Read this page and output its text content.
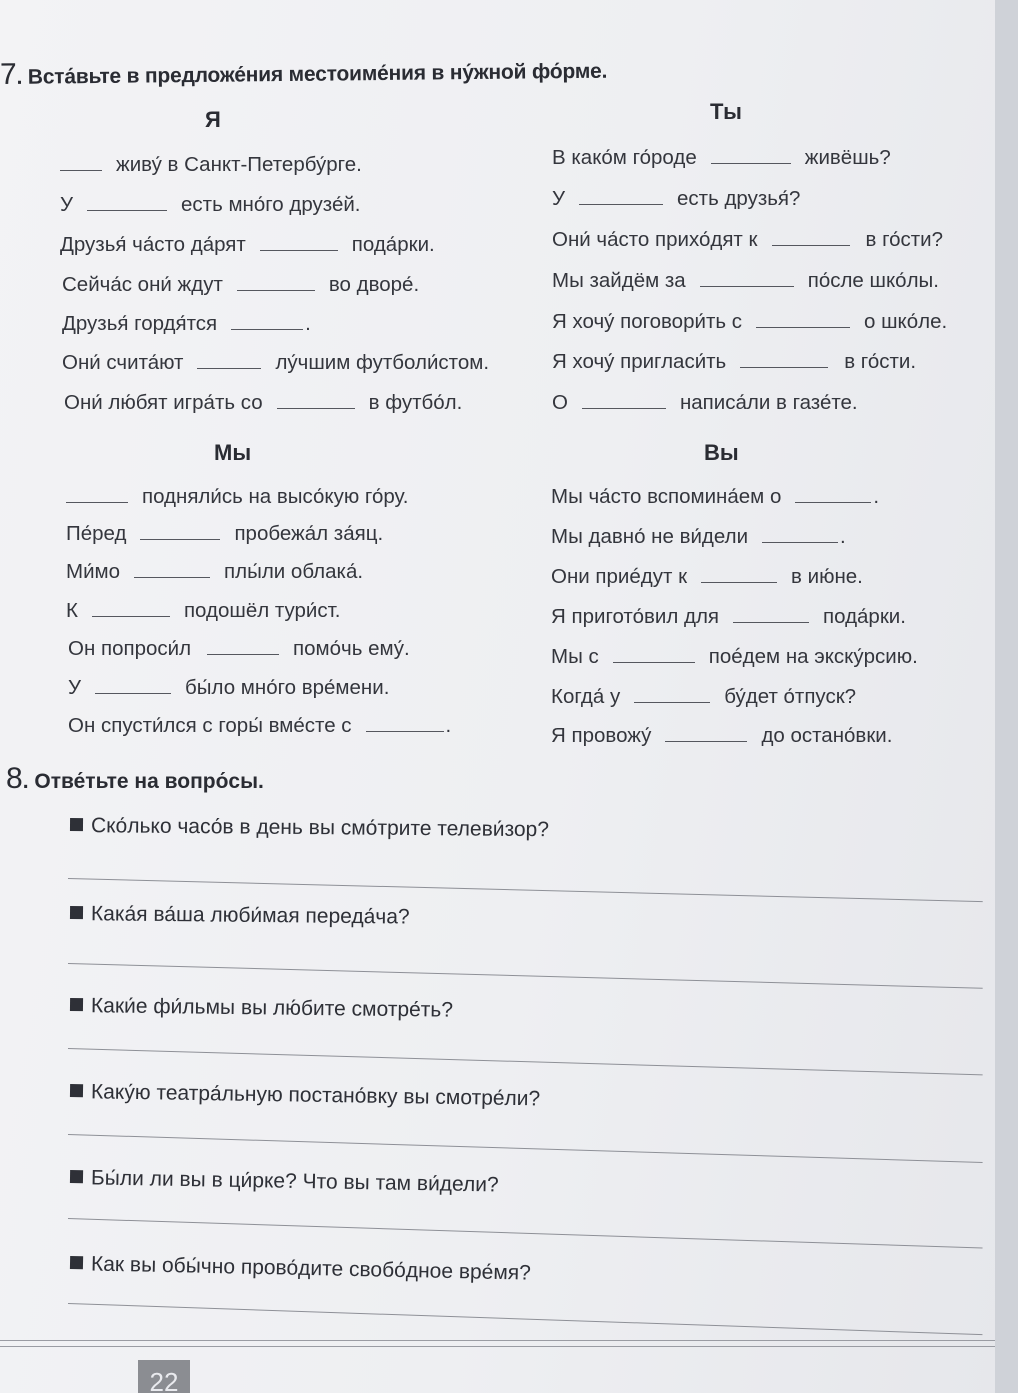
7. Вста́вьте в предложе́ния местоиме́ния в ну́жной фо́рме.
Я	Ты
Мы	Вы
живу́ в Санкт-Петербу́рге.
У	есть мно́го друзе́й.
Друзья́ ча́сто да́рят	пода́рки.
Сейча́с они́ ждут	во дворе́.
Друзья́ гордя́тся	.
Они́ счита́ют	лу́чшим футболи́стом.
Они́ лю́бят игра́ть со	в футбо́л.
В како́м го́роде	живёшь?
У	есть друзья́?
Они́ ча́сто прихо́дят к	в го́сти?
Мы зайдём за	по́сле шко́лы.
Я хочу́ поговори́ть с	о шко́ле.
Я хочу́ пригласи́ть	в го́сти.
О	написа́ли в газе́те.
подняли́сь на высо́кую го́ру.
Пе́ред	пробежа́л за́яц.
Ми́мо	плы́ли облака́.
К	подошёл тури́ст.
Он попроси́л	помо́чь ему́.
У	бы́ло мно́го вре́мени.
Он спусти́лся с горы́ вме́сте с	.
Мы ча́сто вспомина́ем о	.
Мы давно́ не ви́дели	.
Они приéдут к	в ию́не.
Я пригото́вил для	пода́рки.
Мы с	поéдем на экску́рсию.
Когда́ у	бу́дет о́тпуск?
Я провожу́	до остано́вки.
8. Отве́тьте на вопро́сы.
Ско́лько часо́в в день вы смо́трите телеви́зор?
Кака́я ва́ша люби́мая переда́ча?
Каки́е фи́льмы вы лю́бите смотре́ть?
Каку́ю театра́льную постано́вку вы смотре́ли?
Бы́ли ли вы в ци́рке? Что вы там ви́дели?
Как вы обы́чно прово́дите свобо́дное вре́мя?
22
